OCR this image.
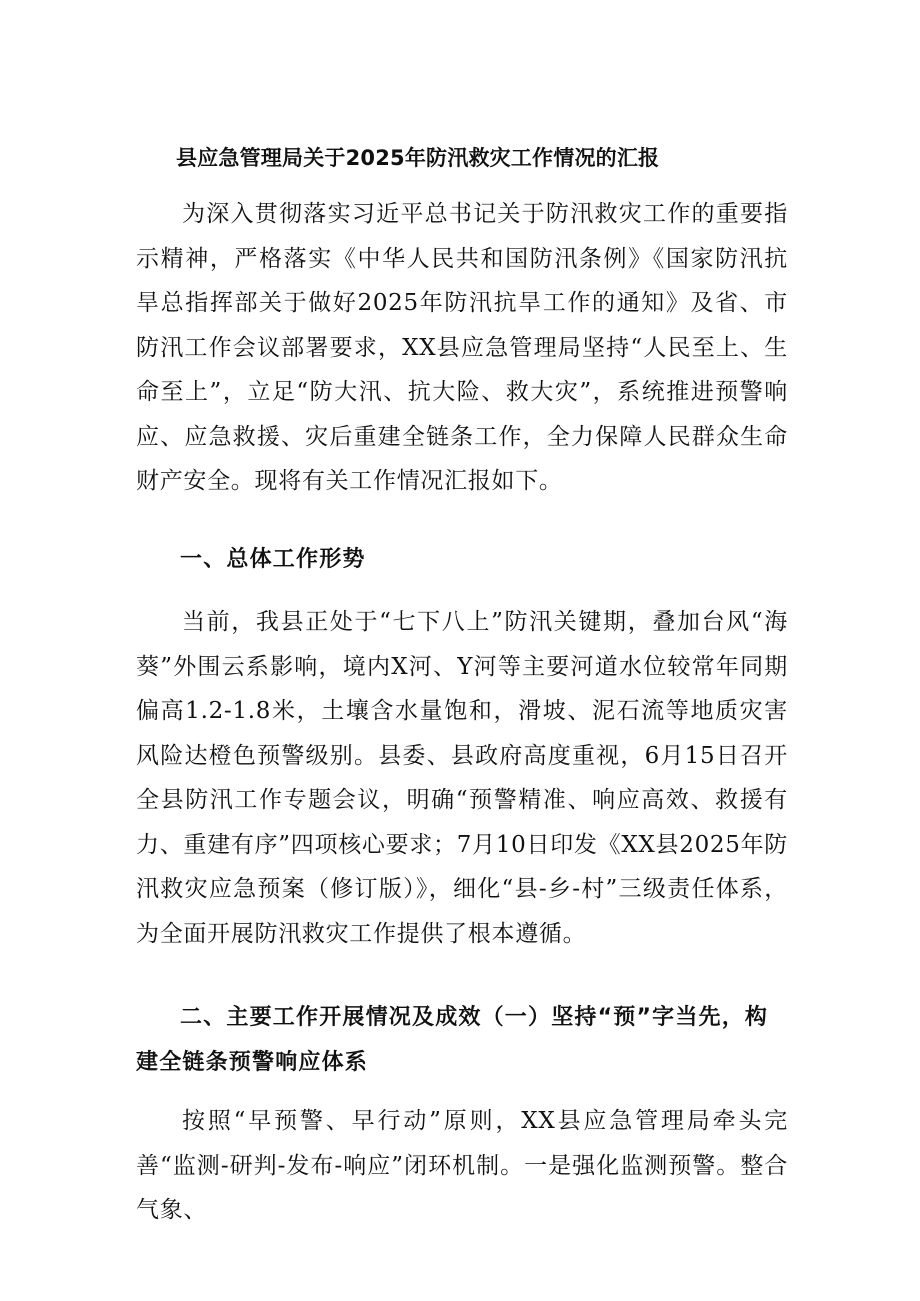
县应急管理局关于2025年防汛救灾工作情况的汇报

为深入贯彻落实习近平总书记关于防汛救灾工作的重要指示精神，严格落实《中华人民共和国防汛条例》《国家防汛抗旱总指挥部关于做好2025年防汛抗旱工作的通知》及省、市防汛工作会议部署要求，XX县应急管理局坚持“人民至上、生命至上”，立足“防大汛、抗大险、救大灾”，系统推进预警响应、应急救援、灾后重建全链条工作，全力保障人民群众生命财产安全。现将有关工作情况汇报如下。

一、总体工作形势

当前，我县正处于“七下八上”防汛关键期，叠加台风“海葵”外围云系影响，境内X河、Y河等主要河道水位较常年同期偏高1.2-1.8米，土壤含水量饱和，滑坡、泥石流等地质灾害风险达橙色预警级别。县委、县政府高度重视，6月15日召开全县防汛工作专题会议，明确“预警精准、响应高效、救援有力、重建有序”四项核心要求；7月10日印发《XX县2025年防汛救灾应急预案（修订版）》，细化“县-乡-村”三级责任体系，为全面开展防汛救灾工作提供了根本遵循。

二、主要工作开展情况及成效（一）坚持“预”字当先，构建全链条预警响应体系

按照“早预警、早行动”原则，XX县应急管理局牵头完善“监测-研判-发布-响应”闭环机制。一是强化监测预警。整合气象、
